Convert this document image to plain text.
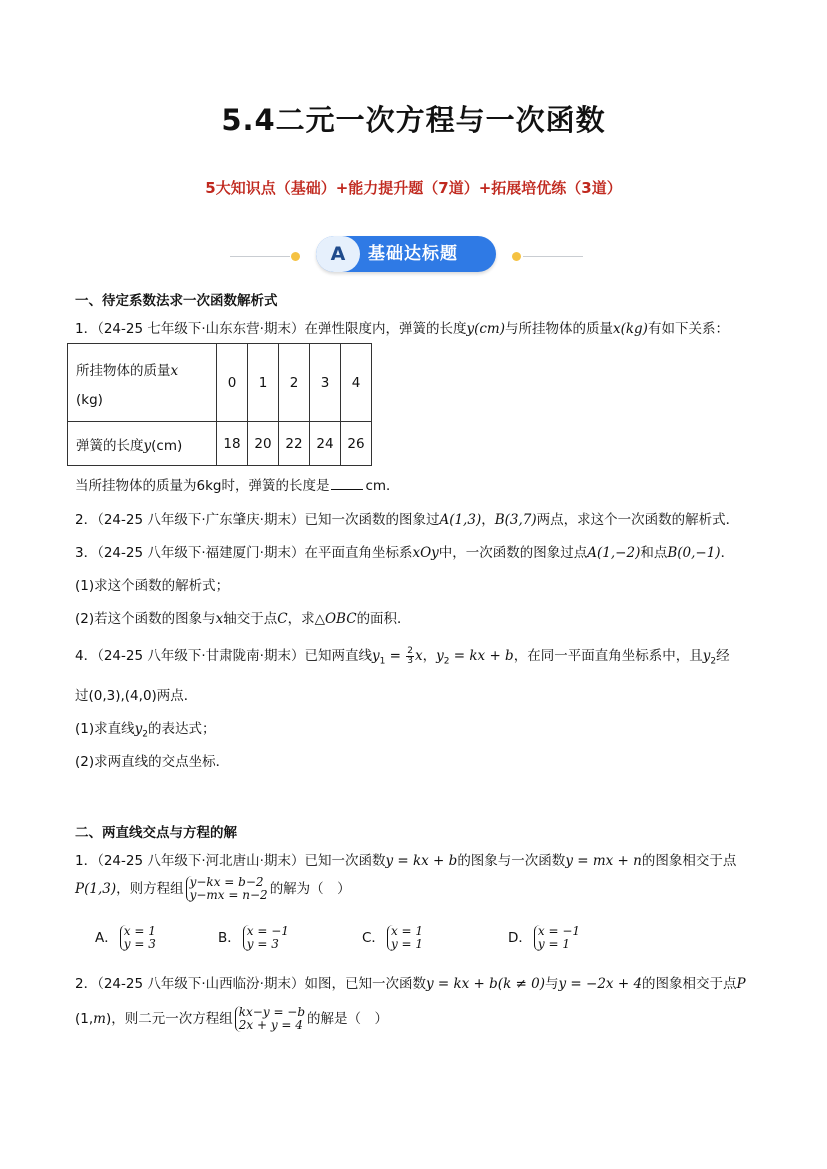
5.4二元一次方程与一次函数
5大知识点（基础）+能力提升题（7道）+拓展培优练（3道）
A	基础达标题
一、待定系数法求一次函数解析式
1．（24-25 七年级下·山东东营·期末）在弹性限度内，弹簧的长度y(cm)与所挂物体的质量x(kg)有如下关系：
所挂物体的质量x
(kg)	0	1	2	3	4
弹簧的长度y(cm)	18	20	22	24	26
当所挂物体的质量为6kg时，弹簧的长度是	cm．
2．（24-25 八年级下·广东肇庆·期末）已知一次函数的图象过A(1,3)，B(3,7)两点，求这个一次函数的解析式．
3．（24-25 八年级下·福建厦门·期末）在平面直角坐标系xOy中，一次函数的图象过点A(1,−2)和点B(0,−1)．
(1)求这个函数的解析式；
(2)若这个函数的图象与x轴交于点C，求△OBC的面积．
4．（24-25 八年级下·甘肃陇南·期末）已知两直线$y_1 = \frac{2}{3}$ x，$y_2$ = kx + b，在同一平面直角坐标系中，且$y_2$经
过(0,3),(4,0)两点．
(1)求直线$y_2$的表达式；
(2)求两直线的交点坐标．
二、两直线交点与方程的解
1．（24-25 八年级下·河北唐山·期末）已知一次函数y = kx + b的图象与一次函数y = mx + n的图象相交于点
P(1,3)，则方程组 y−kx = b−2
y−mx = n−2 的解为（　）
A． x = 1
y = 3	B． x = −1
y = 3	C． x = 1
y = 1	D． x = −1
y = 1
2．（24-25 八年级下·山西临汾·期末）如图，已知一次函数y = kx + b(k ≠ 0)与y = −2x + 4的图象相交于点P
(1,m)，则二元一次方程组 kx−y = −b
2x + y = 4 的解是（　）
